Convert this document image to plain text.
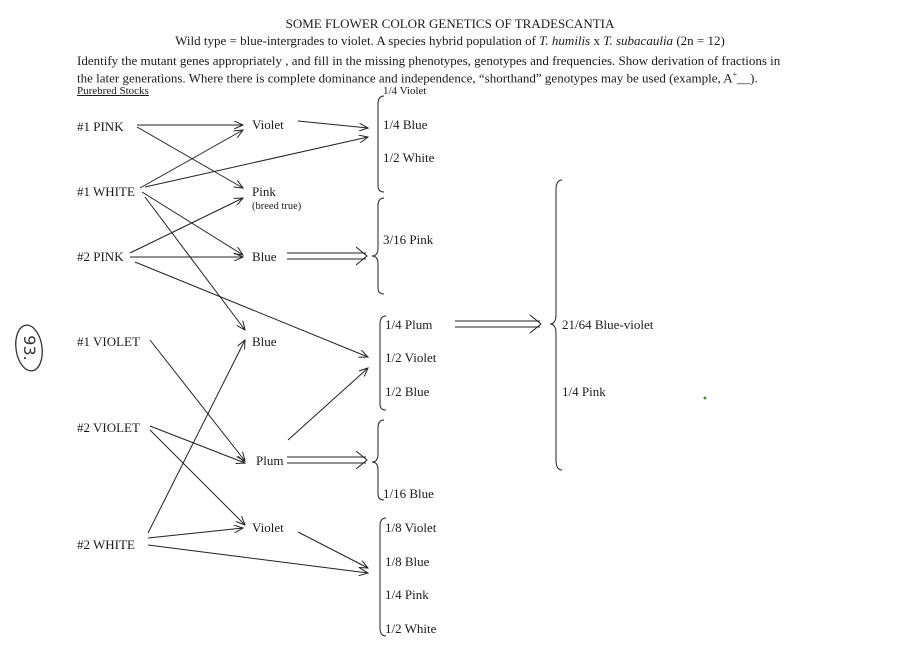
SOME FLOWER COLOR GENETICS OF TRADESCANTIA
Wild type = blue-intergrades to violet. A species hybrid population of T. humilis x T. subacaulia (2n = 12)
Identify the mutant genes appropriately , and fill in the missing phenotypes, genotypes and frequencies. Show derivation of fractions in
the later generations. Where there is complete dominance and independence, “shorthand” genotypes may be used (example, A+__).
Purebred Stocks
#1 PINK
#1 WHITE
#2 PINK
#1 VIOLET
#2 VIOLET
#2 WHITE
Violet
Pink
(breed true)
Blue
Blue
Plum
Violet
1/4 Violet
1/4 Blue
1/2 White
3/16 Pink
1/4 Plum
1/2 Violet
1/2 Blue
1/16 Blue
1/8 Violet
1/8 Blue
1/4 Pink
1/2 White
21/64 Blue-violet
1/4 Pink
93.
